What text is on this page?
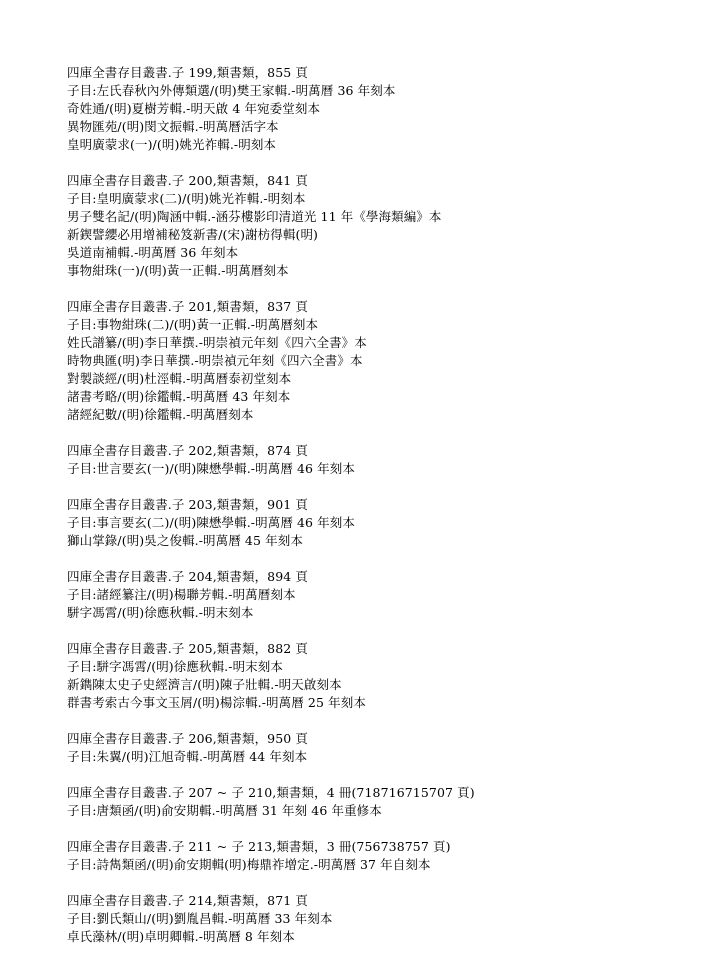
四庫全書存目叢書.子 199,類書類，855 頁
子目:左氏春秋內外傳類選/(明)樊王家輯.-明萬曆 36 年刻本
奇姓通/(明)夏樹芳輯.-明天啟 4 年宛委堂刻本
異物匯苑/(明)閔文振輯.-明萬曆活字本
皇明廣蒙求(一)/(明)姚光祚輯.-明刻本
四庫全書存目叢書.子 200,類書類，841 頁
子目:皇明廣蒙求(二)/(明)姚光祚輯.-明刻本
男子雙名記/(明)陶涵中輯.-涵芬樓影印清道光 11 年《學海類編》本
新鍥譬纓必用增補秘笈新書/(宋)謝枋得輯(明)
吳道南補輯.-明萬曆 36 年刻本
事物紺珠(一)/(明)黃一正輯.-明萬曆刻本
四庫全書存目叢書.子 201,類書類，837 頁
子目:事物紺珠(二)/(明)黃一正輯.-明萬曆刻本
姓氏譜纂/(明)李日華撰.-明崇禎元年刻《四六全書》本
時物典匯(明)李日華撰.-明崇禎元年刻《四六全書》本
對製談經/(明)杜涇輯.-明萬曆泰初堂刻本
諸書考略/(明)徐鑑輯.-明萬曆 43 年刻本
諸經紀數/(明)徐鑑輯.-明萬曆刻本
四庫全書存目叢書.子 202,類書類，874 頁
子目:世言要玄(一)/(明)陳懋學輯.-明萬曆 46 年刻本
四庫全書存目叢書.子 203,類書類，901 頁
子目:事言要玄(二)/(明)陳懋學輯.-明萬曆 46 年刻本
獅山掌錄/(明)吳之俊輯.-明萬曆 45 年刻本
四庫全書存目叢書.子 204,類書類，894 頁
子目:諸經纂注/(明)楊聯芳輯.-明萬曆刻本
駢字馮霄/(明)徐應秋輯.-明末刻本
四庫全書存目叢書.子 205,類書類，882 頁
子目:駢字馮霄/(明)徐應秋輯.-明末刻本
新鐫陳太史子史經濟言/(明)陳子壯輯.-明天啟刻本
群書考索古今事文玉屑/(明)楊淙輯.-明萬曆 25 年刻本
四庫全書存目叢書.子 206,類書類，950 頁
子目:朱翼/(明)江旭奇輯.-明萬曆 44 年刻本
四庫全書存目叢書.子 207 ~ 子 210,類書類，4 冊(718716715707 頁)
子目:唐類函/(明)俞安期輯.-明萬曆 31 年刻 46 年重修本
四庫全書存目叢書.子 211 ~ 子 213,類書類，3 冊(756738757 頁)
子目:詩雋類函/(明)俞安期輯(明)梅鼎祚增定.-明萬曆 37 年自刻本
四庫全書存目叢書.子 214,類書類，871 頁
子目:劉氏類山/(明)劉胤昌輯.-明萬曆 33 年刻本
卓氏藻林/(明)卓明卿輯.-明萬曆 8 年刻本
